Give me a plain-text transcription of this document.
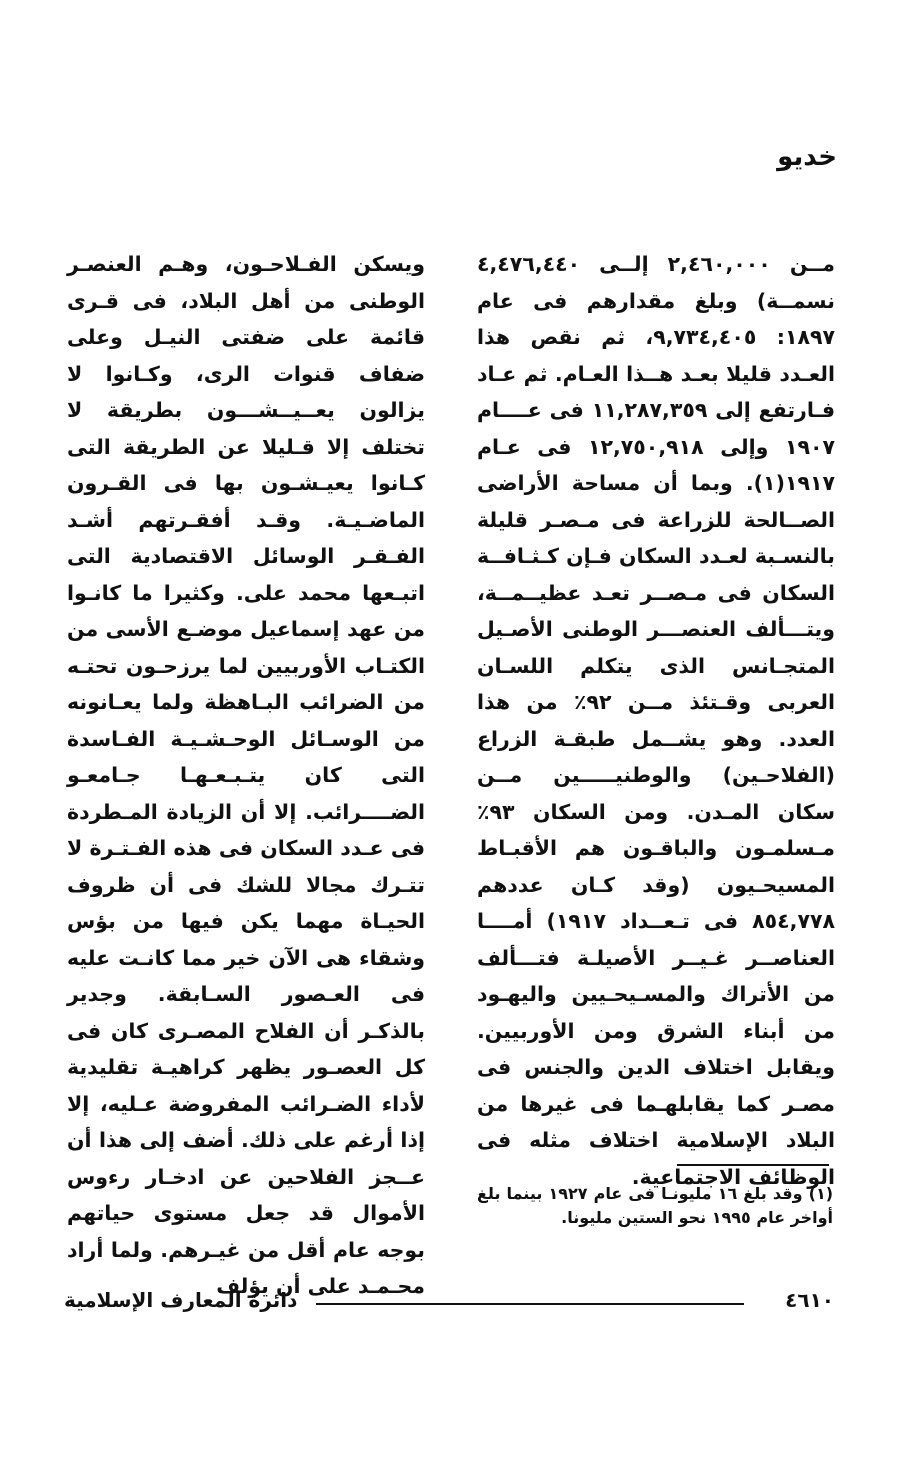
خديو

مــن ٢,٤٦٠,٠٠٠ إلــى ٤,٤٧٦,٤٤٠ نسمــة) وبلغ مقدارهم فى عام ١٨٩٧: ٩,٧٣٤,٤٠٥، ثم نقص هذا العـدد قليلا بعـد هــذا العـام. ثم عـاد فـارتفع إلى ١١,٢٨٧,٣٥٩ فى عــــام ١٩٠٧ وإلى ١٢,٧٥٠,٩١٨ فى عـام ١٩١٧(١). وبما أن مساحة الأراضى الصــالحة للزراعة فى مـصـر قليلة بالنسـبة لعـدد السكان فـإن كـثـافــة السكان فى مـصــر تعـد عظيــمــة، ويتـــألف العنصـــر الوطنى الأصـيل المتجـانس الذى يتكلم اللسـان العربى وقـتئذ مــن ٩٢٪ من هذا العدد. وهو يشــمل طبقـة الزراع (الفلاحـين) والوطنيـــــين مــن سكان المـدن. ومن السكان ٩٣٪ مـسلمـون والباقـون هم الأقبـاط المسيحـيون (وقد كـان عددهم ٨٥٤,٧٧٨ فى تـعــداد ١٩١٧) أمــــا العناصــر غـيــر الأصيلـة فتـــألف من الأتراك والمسـيحـيين واليهـود من أبناء الشرق ومن الأوربيين. ويقابل اختلاف الدين والجنس فى مصـر كما يقابلهـما فى غيرها من البلاد الإسلامية اختلاف مثله فى الوظائف الاجتماعية.

ويسكن الفـلاحـون، وهـم العنصـر الوطنى من أهل البلاد، فى قـرى قائمة على ضفتى النيـل وعلى ضفاف قنوات الرى، وكـانوا لا يزالون يعــيــشـــون بطريقة لا تختلف إلا قـليلا عن الطريقة التى كـانوا يعيـشـون بها فى القـرون الماضـيـة. وقـد أفقـرتهم أشـد الفـقـر الوسائل الاقتصادية التى اتبـعها محمد على. وكثيرا ما كانـوا من عهد إسماعيل موضـع الأسى من الكتـاب الأوربيين لما يرزحـون تحتـه من الضرائب البـاهظة ولما يعـانونه من الوسـائل الوحـشـيـة الفـاسدة التى كان يتـبـعـهـا جـامعـو الضــــرائب. إلا أن الزيادة المـطردة فى عـدد السكان فى هذه الفـتـرة لا تتـرك مجالا للشك فى أن ظروف الحيـاة مهما يكن فيها من بؤس وشقاء هى الآن خير مما كانـت عليه فى العـصور السـابقة. وجدير بالذكـر أن الفلاح المصـرى كان فى كل العصـور يظهر كراهيـة تقليدية لأداء الضـرائب المفروضة عـليه، إلا إذا أرغم على ذلك. أضف إلى هذا أن عــجز الفلاحين عن ادخـار رءوس الأموال قد جعل مستوى حياتهم بوجه عام أقل من غيـرهم. ولما أراد محـمـد على أن يؤلف

(١) وقد بلغ ١٦ مليونـا فى عام ١٩٢٧ بينما بلغ أواخر عام ١٩٩٥ نحو الستين مليونا.

٤٦١٠
دائرة المعارف الإسلامية
